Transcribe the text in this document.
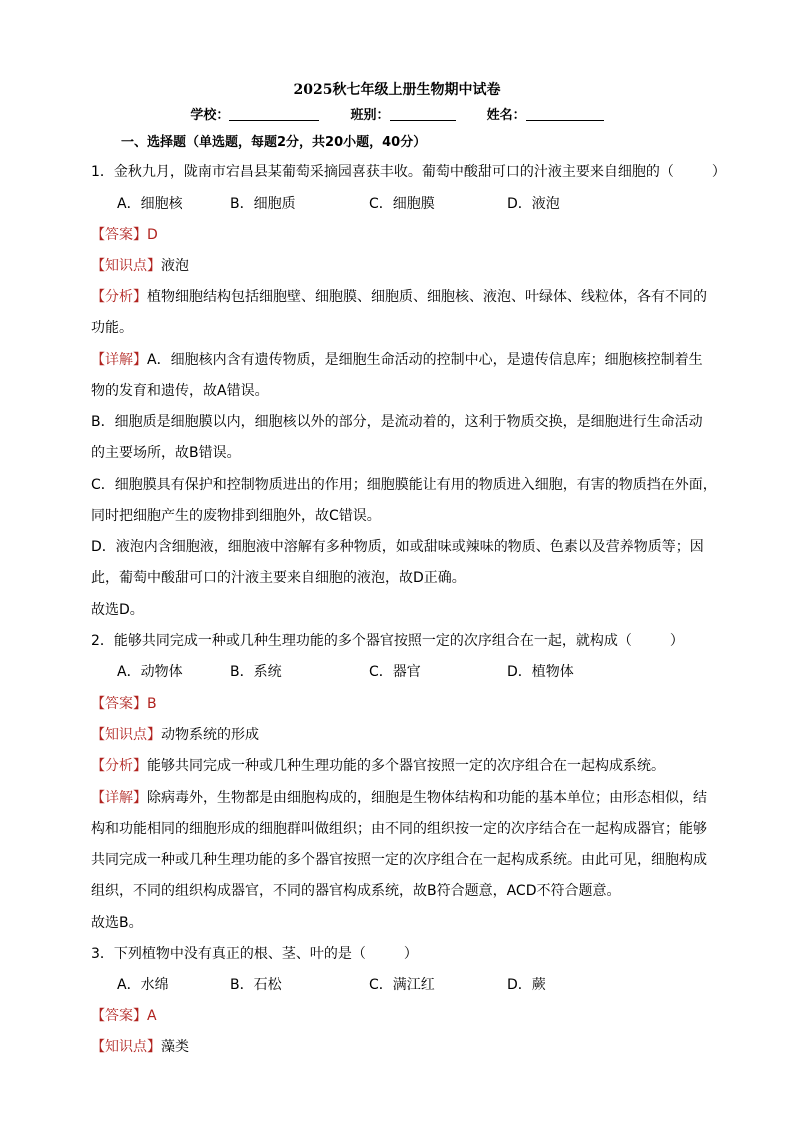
2025秋七年级上册生物期中试卷
学校：	班别：	姓名：
一、选择题（单选题，每题2分，共20小题，40分）
1．金秋九月，陇南市宕昌县某葡萄采摘园喜获丰收。葡萄中酸甜可口的汁液主要来自细胞的（	）
A．细胞核	B．细胞质	C．细胞膜	D．液泡
【答案】D
【知识点】液泡
【分析】植物细胞结构包括细胞壁、细胞膜、细胞质、细胞核、液泡、叶绿体、线粒体，各有不同的
功能。
【详解】A．细胞核内含有遗传物质，是细胞生命活动的控制中心，是遗传信息库；细胞核控制着生
物的发育和遗传，故A错误。
B．细胞质是细胞膜以内，细胞核以外的部分，是流动着的，这利于物质交换，是细胞进行生命活动
的主要场所，故B错误。
C．细胞膜具有保护和控制物质进出的作用；细胞膜能让有用的物质进入细胞，有害的物质挡在外面，
同时把细胞产生的废物排到细胞外，故C错误。
D．液泡内含细胞液，细胞液中溶解有多种物质，如或甜味或辣味的物质、色素以及营养物质等；因
此，葡萄中酸甜可口的汁液主要来自细胞的液泡，故D正确。
故选D。
2．能够共同完成一种或几种生理功能的多个器官按照一定的次序组合在一起，就构成（	）
A．动物体	B．系统	C．器官	D．植物体
【答案】B
【知识点】动物系统的形成
【分析】能够共同完成一种或几种生理功能的多个器官按照一定的次序组合在一起构成系统。
【详解】除病毒外，生物都是由细胞构成的，细胞是生物体结构和功能的基本单位；由形态相似，结
构和功能相同的细胞形成的细胞群叫做组织；由不同的组织按一定的次序结合在一起构成器官；能够
共同完成一种或几种生理功能的多个器官按照一定的次序组合在一起构成系统。由此可见，细胞构成
组织，不同的组织构成器官，不同的器官构成系统，故B符合题意，ACD不符合题意。
故选B。
3．下列植物中没有真正的根、茎、叶的是（	）
A．水绵	B．石松	C．满江红	D．蕨
【答案】A
【知识点】藻类
